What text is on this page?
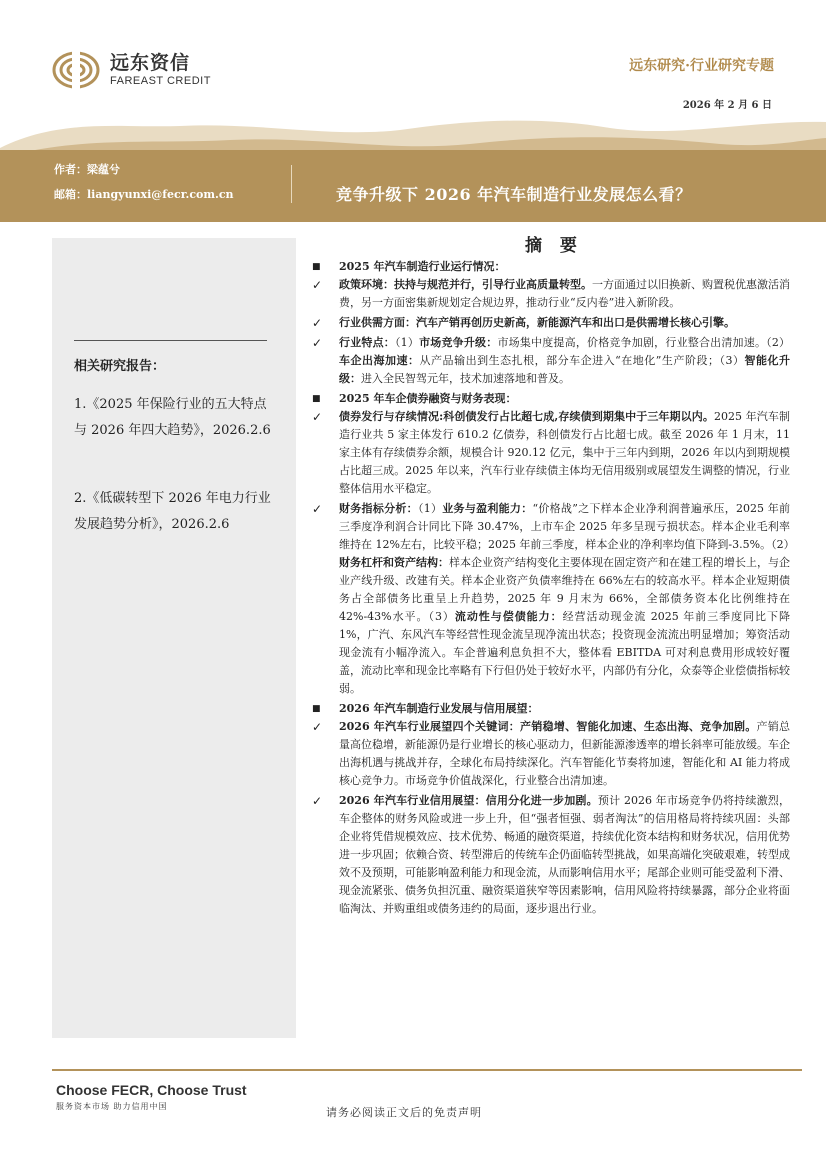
远东资信
FAREAST CREDIT
远东研究·行业研究专题
2026 年 2 月 6 日
作者：梁蕴兮
邮箱：liangyunxi@fecr.com.cn	竞争升级下 2026 年汽车制造行业发展怎么看？
相关研究报告：
1.《2025 年保险行业的五大特点与 2026 年四大趋势》，2026.2.6
2.《低碳转型下 2026 年电力行业发展趋势分析》，2026.2.6
摘 要
■	2025 年汽车制造行业运行情况：
✓	政策环境：扶持与规范并行，引导行业高质量转型。一方面通过以旧换新、购置税优惠激活消费，另一方面密集新规划定合规边界，推动行业“反内卷”进入新阶段。
✓	行业供需方面：汽车产销再创历史新高，新能源汽车和出口是供需增长核心引擎。
✓	行业特点：（1）市场竞争升级：市场集中度提高，价格竞争加剧，行业整合出清加速。（2）车企出海加速：从产品输出到生态扎根，部分车企进入“在地化”生产阶段；（3）智能化升级：进入全民智驾元年，技术加速落地和普及。
■	2025 年车企债券融资与财务表现：
✓	债券发行与存续情况:科创债发行占比超七成,存续债到期集中于三年期以内。2025 年汽车制造行业共 5 家主体发行 610.2 亿债券，科创债发行占比超七成。截至 2026 年 1 月末，11 家主体有存续债券余额，规模合计 920.12 亿元，集中于三年内到期，2026 年以内到期规模占比超三成。2025 年以来，汽车行业存续债主体均无信用级别或展望发生调整的情况，行业整体信用水平稳定。
✓	财务指标分析：（1）业务与盈利能力：“价格战”之下样本企业净利润普遍承压，2025 年前三季度净利润合计同比下降 30.47%，上市车企 2025 年多呈现亏损状态。样本企业毛利率维持在 12%左右，比较平稳；2025 年前三季度，样本企业的净利率均值下降到-3.5%。（2）财务杠杆和资产结构：样本企业资产结构变化主要体现在固定资产和在建工程的增长上，与企业产线升级、改建有关。样本企业资产负债率维持在 66%左右的较高水平。样本企业短期债务占全部债务比重呈上升趋势，2025 年 9 月末为 66%，全部债务资本化比例维持在 42%-43%水平。（3）流动性与偿债能力：经营活动现金流 2025 年前三季度同比下降 1%，广汽、东风汽车等经营性现金流呈现净流出状态；投资现金流流出明显增加；筹资活动现金流有小幅净流入。车企普遍利息负担不大，整体看 EBITDA 可对利息费用形成较好覆盖，流动比率和现金比率略有下行但仍处于较好水平，内部仍有分化，众泰等企业偿债指标较弱。
■	2026 年汽车制造行业发展与信用展望：
✓	2026 年汽车行业展望四个关键词：产销稳增、智能化加速、生态出海、竞争加剧。产销总量高位稳增，新能源仍是行业增长的核心驱动力，但新能源渗透率的增长斜率可能放缓。车企出海机遇与挑战并存，全球化布局持续深化。汽车智能化节奏将加速，智能化和 AI 能力将成核心竞争力。市场竞争价值战深化，行业整合出清加速。
✓	2026 年汽车行业信用展望：信用分化进一步加剧。预计 2026 年市场竞争仍将持续激烈，车企整体的财务风险或进一步上升，但“强者恒强、弱者淘汰”的信用格局将持续巩固：头部企业将凭借规模效应、技术优势、畅通的融资渠道，持续优化资本结构和财务状况，信用优势进一步巩固；依赖合资、转型滞后的传统车企仍面临转型挑战，如果高端化突破艰难，转型成效不及预期，可能影响盈利能力和现金流，从而影响信用水平；尾部企业则可能受盈利下滑、现金流紧张、债务负担沉重、融资渠道狭窄等因素影响，信用风险将持续暴露，部分企业将面临淘汰、并购重组或债务违约的局面，逐步退出行业。
Choose FECR, Choose Trust
服务资本市场 助力信用中国	请务必阅读正文后的免责声明
